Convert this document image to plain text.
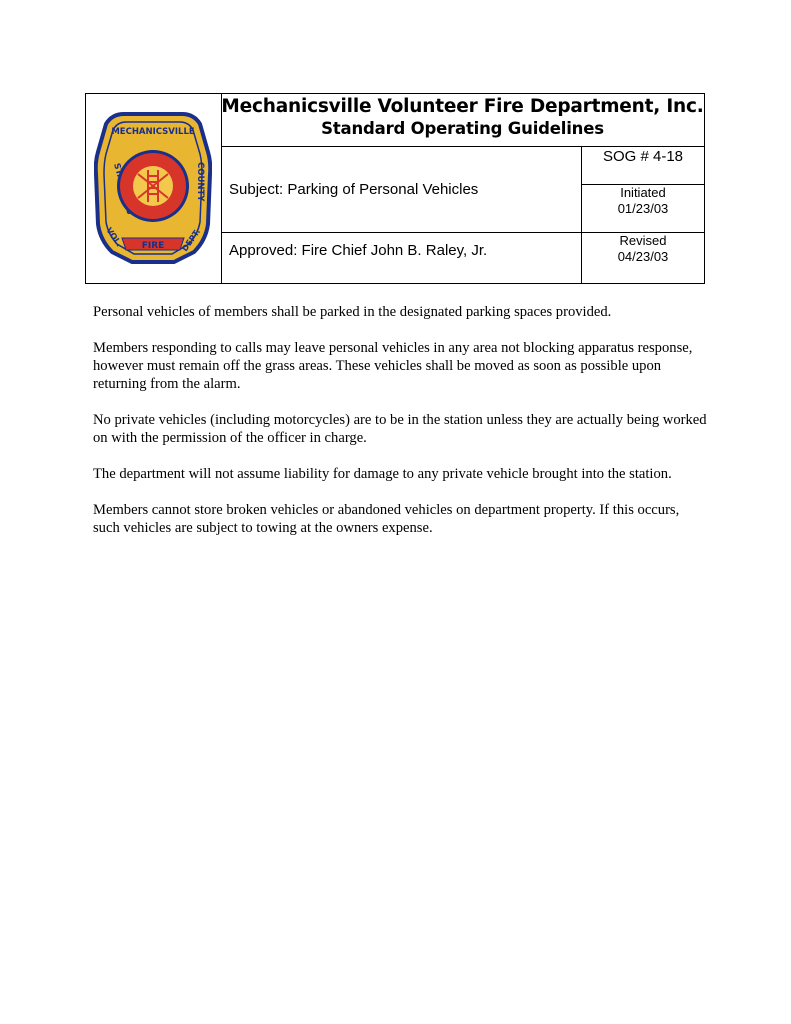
MECHANICSVILLE
ST.	COUNTY
FIRE
VOL.	DEPT.
Mechanicsville Volunteer Fire Department, Inc.
Standard Operating Guidelines
Subject: Parking of Personal Vehicles
SOG # 4-18
Initiated
01/23/03
Approved: Fire Chief John B. Raley, Jr.
Revised
04/23/03

Personal vehicles of members shall be parked in the designated parking spaces provided.

Members responding to calls may leave personal vehicles in any area not blocking apparatus response, however must remain off the grass areas. These vehicles shall be moved as soon as possible upon returning from the alarm.

No private vehicles (including motorcycles) are to be in the station unless they are actually being worked on with the permission of the officer in charge.

The department will not assume liability for damage to any private vehicle brought into the station.

Members cannot store broken vehicles or abandoned vehicles on department property. If this occurs, such vehicles are subject to towing at the owners expense.
